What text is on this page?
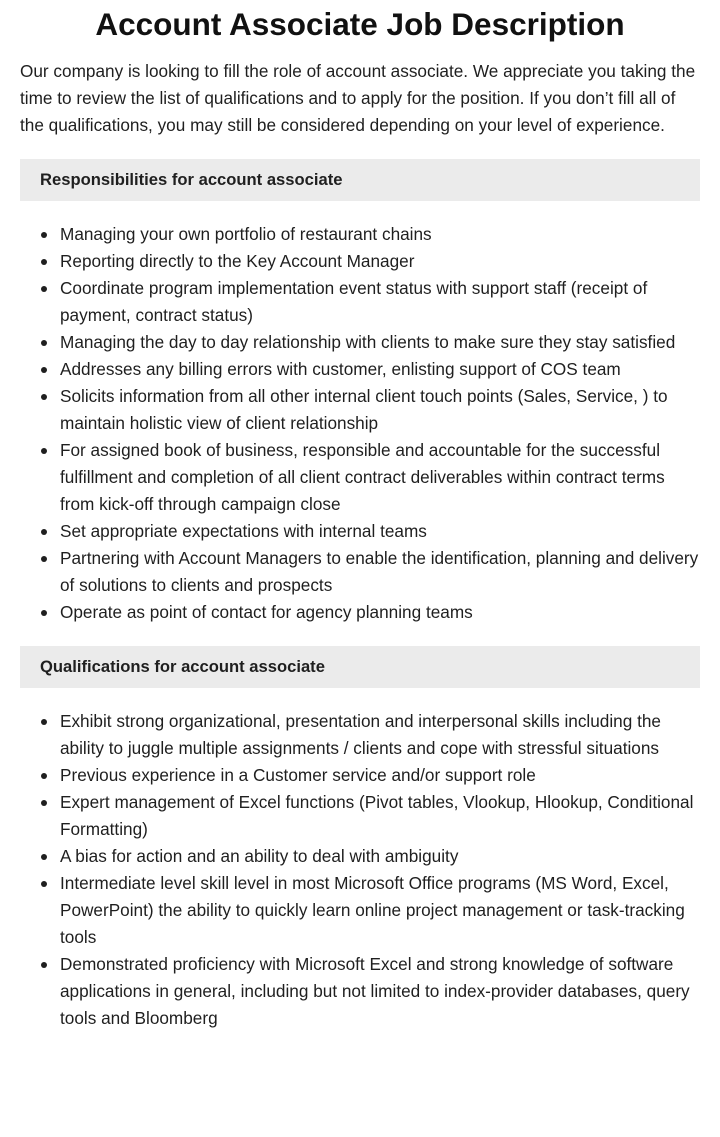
Account Associate Job Description

Our company is looking to fill the role of account associate. We appreciate you taking the time to review the list of qualifications and to apply for the position. If you don’t fill all of the qualifications, you may still be considered depending on your level of experience.

Responsibilities for account associate
Managing your own portfolio of restaurant chains
Reporting directly to the Key Account Manager
Coordinate program implementation event status with support staff (receipt of payment, contract status)
Managing the day to day relationship with clients to make sure they stay satisfied
Addresses any billing errors with customer, enlisting support of COS team
Solicits information from all other internal client touch points (Sales, Service, ) to maintain holistic view of client relationship
For assigned book of business, responsible and accountable for the successful fulfillment and completion of all client contract deliverables within contract terms from kick-off through campaign close
Set appropriate expectations with internal teams
Partnering with Account Managers to enable the identification, planning and delivery of solutions to clients and prospects
Operate as point of contact for agency planning teams
Qualifications for account associate
Exhibit strong organizational, presentation and interpersonal skills including the ability to juggle multiple assignments / clients and cope with stressful situations
Previous experience in a Customer service and/or support role
Expert management of Excel functions (Pivot tables, Vlookup, Hlookup, Conditional Formatting)
A bias for action and an ability to deal with ambiguity
Intermediate level skill level in most Microsoft Office programs (MS Word, Excel, PowerPoint) the ability to quickly learn online project management or task-tracking tools
Demonstrated proficiency with Microsoft Excel and strong knowledge of software applications in general, including but not limited to index-provider databases, query tools and Bloomberg
